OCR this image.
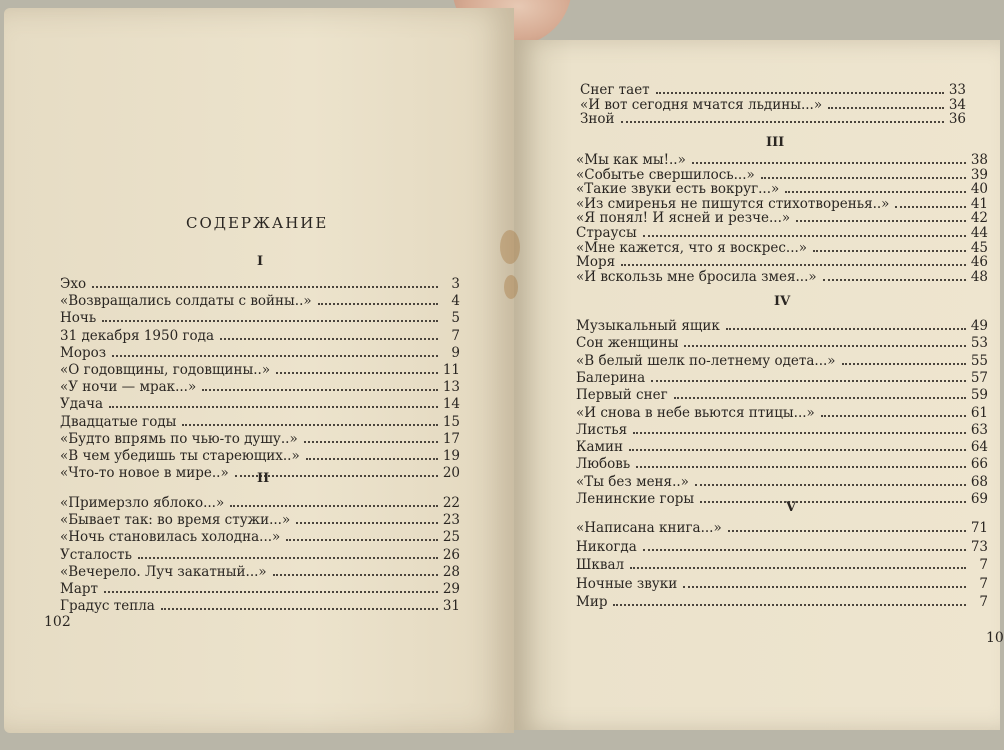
СОДЕРЖАНИЕ
I
Эхо	3
«Возвращались солдаты с войны..»	4
Ночь	5
31 декабря 1950 года	7
Мороз	9
«О годовщины, годовщины..»	11
«У ночи — мрак...»	13
Удача	14
Двадцатые годы	15
«Будто впрямь по чью-то душу..»	17
«В чем убедишь ты стареющих..»	19
«Что-то новое в мире..»	20
II
«Примерзло яблоко...»	22
«Бывает так: во время стужи...»	23
«Ночь становилась холодна...»	25
Усталость	26
«Вечерело. Луч закатный...»	28
Март	29
Градус тепла	31
102
Снег тает	33
«И вот сегодня мчатся льдины...»	34
Зной	36
III
«Мы как мы!..»	38
«Событье свершилось...»	39
«Такие звуки есть вокруг...»	40
«Из смиренья не пишутся стихотворенья..»	41
«Я понял! И ясней и резче...»	42
Страусы	44
«Мне кажется, что я воскрес...»	45
Моря	46
«И вскользь мне бросила змея...»	48
IV
Музыкальный ящик	49
Сон женщины	53
«В белый шелк по-летнему одета...»	55
Балерина	57
Первый снег	59
«И снова в небе вьются птицы...»	61
Листья	63
Камин	64
Любовь	66
«Ты без меня..»	68
Ленинские горы	69
V
«Написана книга...»	71
Никогда	73
Шквал	7
Ночные звуки	7
Мир	7
10
